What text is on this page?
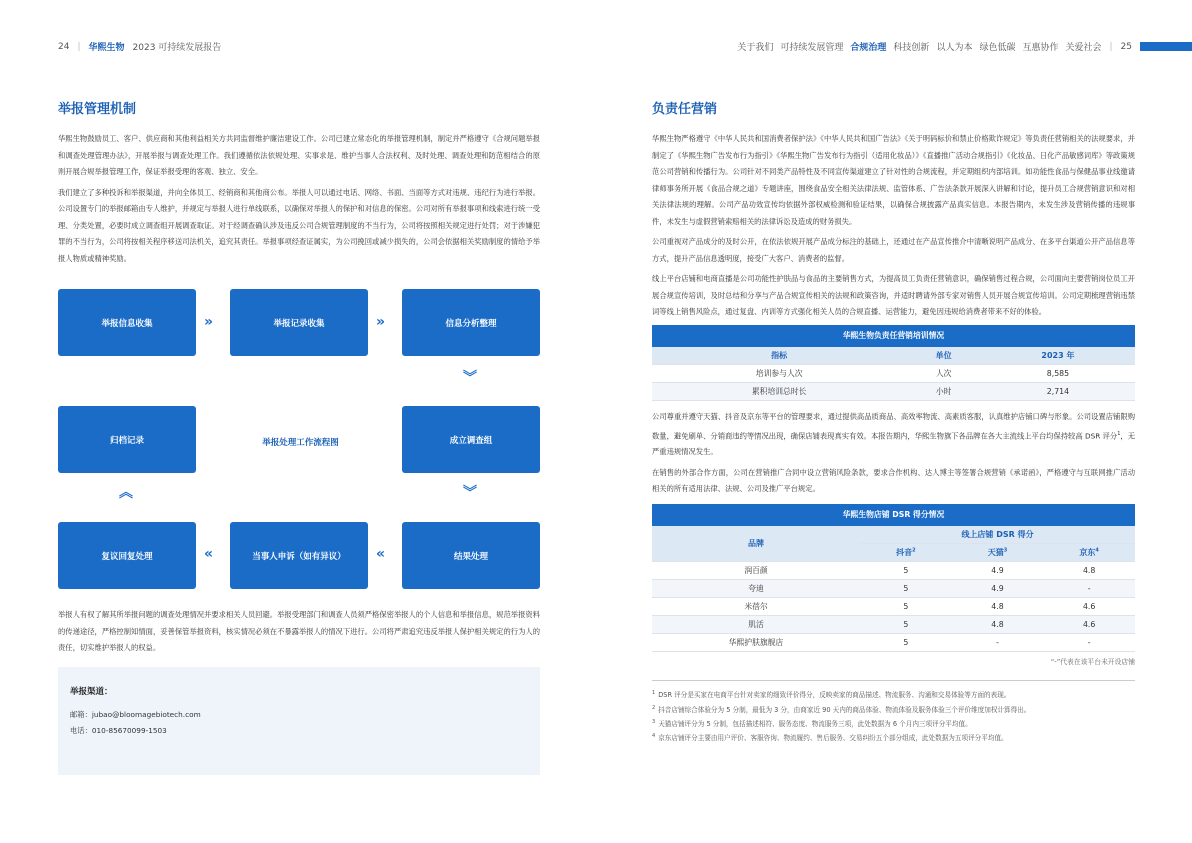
24 | 华熙生物 2023 可持续发展报告	关于我们 可持续发展管理 合规治理 科技创新 以人为本 绿色低碳 互惠协作 关爱社会 | 25
举报管理机制

华熙生物鼓励员工、客户、供应商和其他利益相关方共同监督维护廉洁建设工作。公司已建立常态化的举报管理机制，制定并严格遵守《合规问题举报和调查处理管理办法》，开展举报与调查处理工作。我们遵循依法依规处理、实事求是、维护当事人合法权利、及时处理、调查处理和防范相结合的原则开展合规举报管理工作，保证举报受理的客观、独立、安全。

我们建立了多种投诉和举报渠道，并向全体员工、经销商和其他商公布。举报人可以通过电话、网络、书面、当面等方式对违规、违纪行为进行举报。公司设置专门的举报邮箱由专人维护，并规定与举报人进行单线联系，以确保对举报人的保护和对信息的保密。公司对所有举报事项和线索进行统一受理、分类处置，必要时成立调查组开展调查取证。对于经调查确认涉及违反公司合规管理制度的不当行为，公司将按照相关规定进行处罚；对于涉嫌犯罪的不当行为，公司将按相关程序移送司法机关，追究其责任。举报事项经查证属实，为公司挽回或减少损失的，公司会依据相关奖励制度的情给予举报人物质或精神奖励。

举报信息收集	»	举报记录收集	»	信息分析整理
︾
归档记录	举报处理工作流程图	成立调查组
︽	︾
复议回复处理	«	当事人申诉（如有异议）	«	结果处理

举报人有权了解其所举报问题的调查处理情况并要求相关人员回避。举报受理部门和调查人员须严格保密举报人的个人信息和举报信息，规范举报资料的传递途径，严格控制知情面，妥善保管举报资料，核实情况必须在不暴露举报人的情况下进行。公司将严肃追究违反举报人保护相关规定的行为人的责任，切实维护举报人的权益。

举报渠道：
邮箱：jubao@bloomagebiotech.com
电话：010-85670099-1503
负责任营销

华熙生物严格遵守《中华人民共和国消费者保护法》《中华人民共和国广告法》《关于明码标价和禁止价格欺诈规定》等负责任营销相关的法规要求，并制定了《华熙生物广告发布行为指引》《华熙生物广告发布行为指引（适用化妆品）》《直播推广活动合规指引》《化妆品、日化产品敏感词库》等政策规范公司营销和传播行为。公司针对不同类产品特性及不同宣传渠道建立了针对性的合规流程，并定期组织内部培训。如功能性食品与保健品事业线邀请律师事务所开展《食品合规之道》专题讲座，围绕食品安全相关法律法规、监管体系、广告法条款开展深入讲解和讨论，提升员工合规营销意识和对相关法律法规的理解。公司产品功效宣传均依据外部权威检测和验证结果，以确保合规披露产品真实信息。本报告期内，未发生涉及营销传播的违规事件，未发生与虚假营销索赔相关的法律诉讼及造成的财务损失。

公司重视对产品成分的及时公开，在依法依规开展产品成分标注的基础上，还通过在产品宣传推介中清晰说明产品成分、在多平台渠道公开产品信息等方式，提升产品信息透明度，接受广大客户、消费者的监督。

线上平台店铺和电商直播是公司功能性护肤品与食品的主要销售方式，为提高员工负责任营销意识，确保销售过程合规，公司面向主要营销岗位员工开展合规宣传培训，及时总结和分享与产品合规宣传相关的法规和政策咨询，并适时聘请外部专家对销售人员开展合规宣传培训。公司定期梳理营销违禁词等线上销售风险点，通过复盘、内训等方式强化相关人员的合规直播、运营能力，避免因违规给消费者带来不好的体验。

华熙生物负责任营销培训情况		
指标	单位	2023 年
培训参与人次	人次	8,585
累积培训总时长	小时	2,714

公司尊重并遵守天猫、抖音及京东等平台的管理要求，通过提供高品质商品、高效率物流、高素质客服，认真维护店铺口碑与形象。公司设置店铺限购数量，避免刷单、分销商违约等情况出现，确保店铺表现真实有效。本报告期内，华熙生物旗下各品牌在各大主流线上平台均保持较高 DSR 评分$^1$，无严重违规情况发生。

在销售的外部合作方面，公司在营销推广合同中设立营销风险条款，要求合作机构、达人博主等签署合规营销《承诺函》，严格遵守与互联网推广活动相关的所有适用法律、法规、公司及推广平台规定。

华熙生物店铺 DSR 得分情况			
品牌	线上店铺 DSR 得分		
	抖音$^2$	天猫$^3$	京东$^4$
润百颜	5	4.9	4.8
夸迪	5	4.9	-
米蓓尔	5	4.8	4.6
肌活	5	4.8	4.6
华熙护肤旗舰店	5	-	-
“-”代表在该平台未开设店铺
$^1$ DSR 评分是买家在电商平台针对卖家的细致评价得分，反映卖家的商品描述、物流服务、沟通和交易体验等方面的表现。
$^2$ 抖音店铺综合体验分为 5 分制，最低为 3 分，由商家近 90 天内的商品体验、物流体验及服务体验三个评价维度加权计算得出。
$^3$ 天猫店铺评分为 5 分制，包括描述相符、服务态度、物流服务三项，此处数据为 6 个月内三项评分平均值。
$^4$ 京东店铺评分主要由用户评价、客服咨询、物流履约、售后服务、交易纠纷五个部分组成，此处数据为五项评分平均值。
